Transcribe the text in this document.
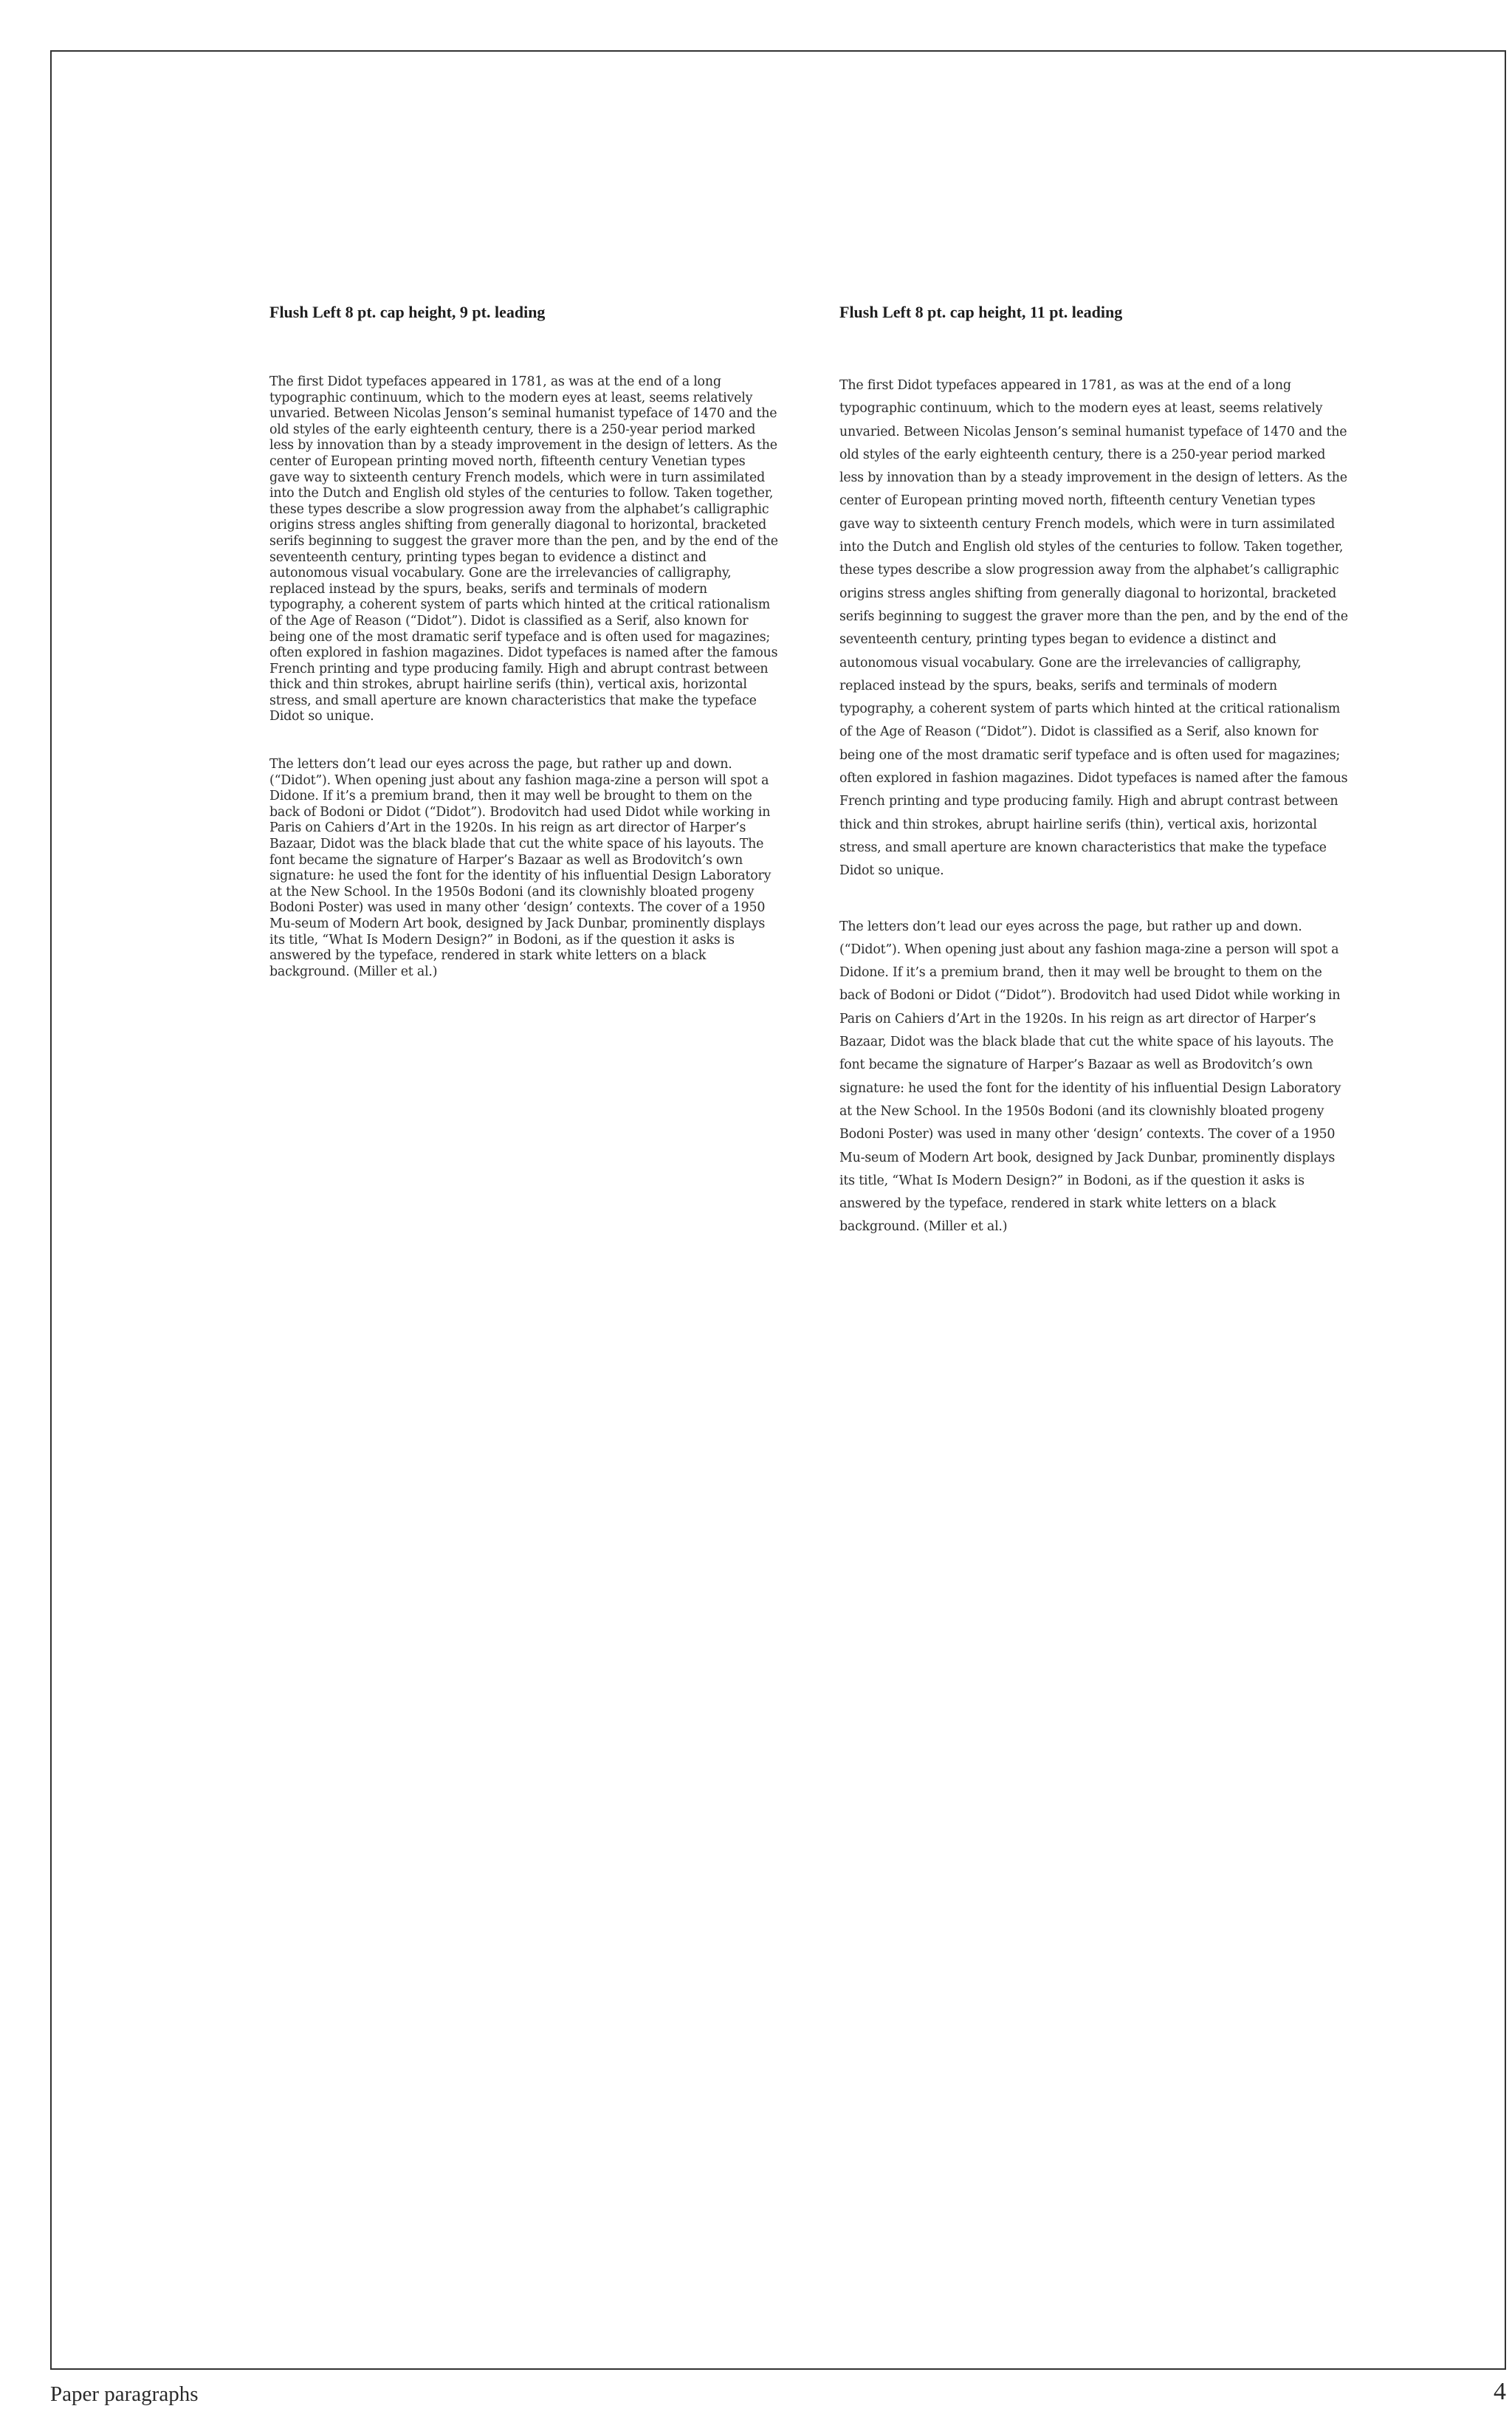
Flush Left 8 pt. cap height, 9 pt. leading

The first Didot typefaces appeared in 1781, as was at the end of a long typographic continuum, which to the modern eyes at least, seems relatively unvaried. Between Nicolas Jenson’s seminal humanist typeface of 1470 and the old styles of the early eighteenth century, there is a 250-year period marked less by innovation than by a steady improvement in the design of letters. As the center of European printing moved north, fifteenth century Venetian types gave way to sixteenth century French models, which were in turn assimilated into the Dutch and English old styles of the centuries to follow. Taken together, these types describe a slow progression away from the alphabet’s calligraphic origins stress angles shifting from generally diagonal to horizontal, bracketed serifs beginning to suggest the graver more than the pen, and by the end of the seventeenth century, printing types began to evidence a distinct and autonomous visual vocabulary. Gone are the irrelevancies of calligraphy, replaced instead by the spurs, beaks, serifs and terminals of modern typography, a coherent system of parts which hinted at the critical rationalism of the Age of Reason (“Didot”). Didot is classified as a Serif, also known for being one of the most dramatic serif typeface and is often used for magazines; often explored in fashion magazines. Didot typefaces is named after the famous French printing and type producing family. High and abrupt contrast between thick and thin strokes, abrupt hairline serifs (thin), vertical axis, horizontal stress, and small aperture are known characteristics that make the typeface Didot so unique.

The letters don’t lead our eyes across the page, but rather up and down. (“Didot”). When opening just about any fashion maga-zine a person will spot a Didone. If it’s a premium brand, then it may well be brought to them on the back of Bodoni or Didot (“Didot”). Brodovitch had used Didot while working in Paris on Cahiers d’Art in the 1920s. In his reign as art director of Harper’s Bazaar, Didot was the black blade that cut the white space of his layouts. The font became the signature of Harper’s Bazaar as well as Brodovitch’s own signature: he used the font for the identity of his influential Design Laboratory at the New School. In the 1950s Bodoni (and its clownishly bloated progeny Bodoni Poster) was used in many other ‘design’ contexts. The cover of a 1950 Mu-seum of Modern Art book, designed by Jack Dunbar, prominently displays its title, “What Is Modern Design?” in Bodoni, as if the question it asks is answered by the typeface, rendered in stark white letters on a black background. (Miller et al.)

Flush Left 8 pt. cap height, 11 pt. leading

The first Didot typefaces appeared in 1781, as was at the end of a long typographic continuum, which to the modern eyes at least, seems relatively unvaried. Between Nicolas Jenson’s seminal humanist typeface of 1470 and the old styles of the early eighteenth century, there is a 250-year period marked less by innovation than by a steady improvement in the design of letters. As the center of European printing moved north, fifteenth century Venetian types gave way to sixteenth century French models, which were in turn assimilated into the Dutch and English old styles of the centuries to follow. Taken together, these types describe a slow progression away from the alphabet’s calligraphic origins stress angles shifting from generally diagonal to horizontal, bracketed serifs beginning to suggest the graver more than the pen, and by the end of the seventeenth century, printing types began to evidence a distinct and autonomous visual vocabulary. Gone are the irrelevancies of calligraphy, replaced instead by the spurs, beaks, serifs and terminals of modern typography, a coherent system of parts which hinted at the critical rationalism of the Age of Reason (“Didot”). Didot is classified as a Serif, also known for being one of the most dramatic serif typeface and is often used for magazines; often explored in fashion magazines. Didot typefaces is named after the famous French printing and type producing family. High and abrupt contrast between thick and thin strokes, abrupt hairline serifs (thin), vertical axis, horizontal stress, and small aperture are known characteristics that make the typeface Didot so unique.

The letters don’t lead our eyes across the page, but rather up and down. (“Didot”). When opening just about any fashion maga-zine a person will spot a Didone. If it’s a premium brand, then it may well be brought to them on the back of Bodoni or Didot (“Didot”). Brodovitch had used Didot while working in Paris on Cahiers d’Art in the 1920s. In his reign as art director of Harper’s Bazaar, Didot was the black blade that cut the white space of his layouts. The font became the signature of Harper’s Bazaar as well as Brodovitch’s own signature: he used the font for the identity of his influential Design Laboratory at the New School. In the 1950s Bodoni (and its clownishly bloated progeny Bodoni Poster) was used in many other ‘design’ contexts. The cover of a 1950 Mu-seum of Modern Art book, designed by Jack Dunbar, prominently displays its title, “What Is Modern Design?” in Bodoni, as if the question it asks is answered by the typeface, rendered in stark white letters on a black background. (Miller et al.)

Paper paragraphs	4
